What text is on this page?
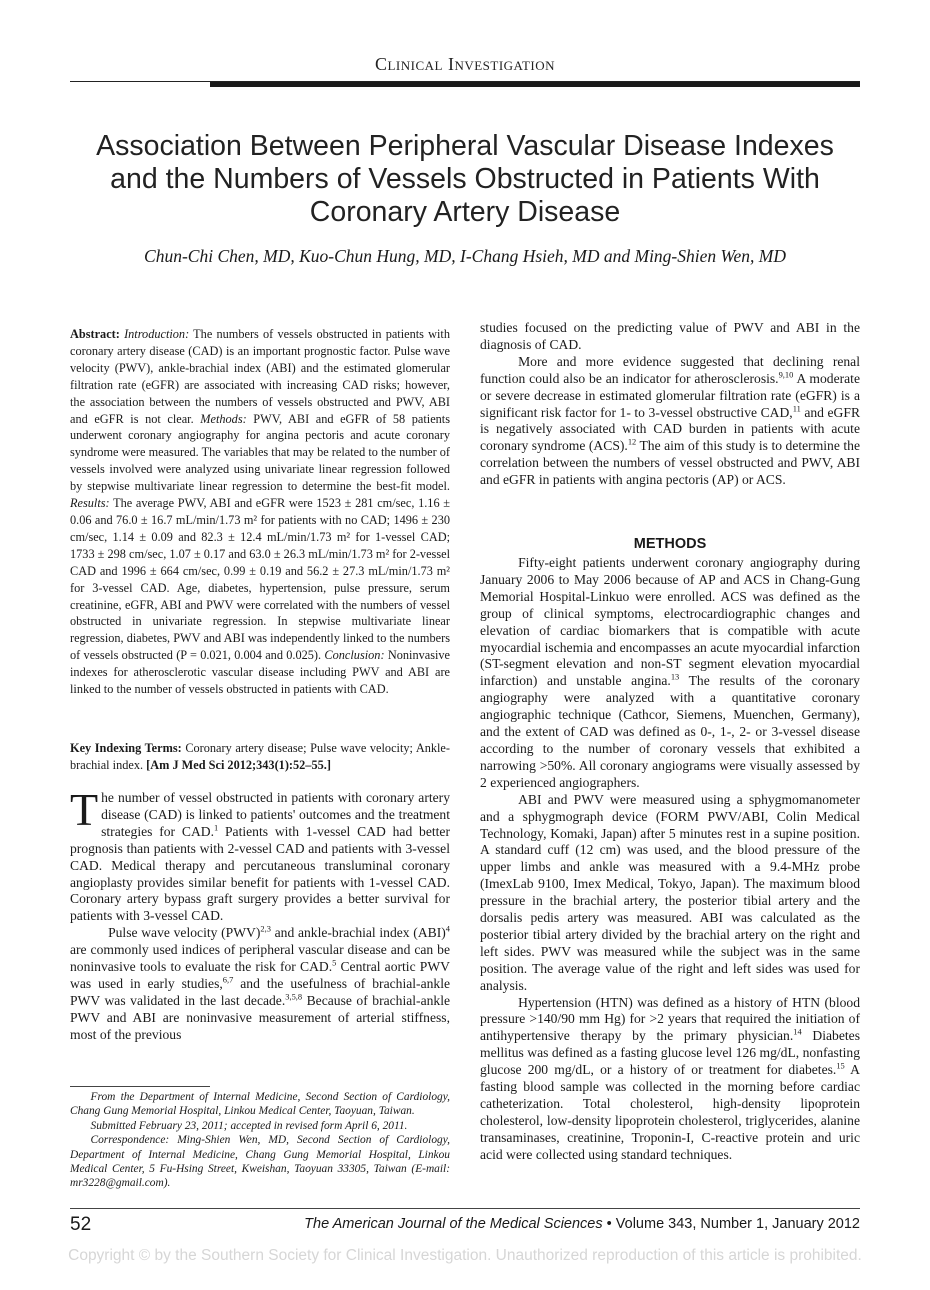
Clinical Investigation
Association Between Peripheral Vascular Disease Indexes and the Numbers of Vessels Obstructed in Patients With Coronary Artery Disease
Chun-Chi Chen, MD, Kuo-Chun Hung, MD, I-Chang Hsieh, MD and Ming-Shien Wen, MD
Abstract: Introduction: The numbers of vessels obstructed in patients with coronary artery disease (CAD) is an important prognostic factor. Pulse wave velocity (PWV), ankle-brachial index (ABI) and the estimated glomerular filtration rate (eGFR) are associated with increasing CAD risks; however, the association between the numbers of vessels obstructed and PWV, ABI and eGFR is not clear. Methods: PWV, ABI and eGFR of 58 patients underwent coronary angiography for angina pectoris and acute coronary syndrome were measured. The variables that may be related to the number of vessels involved were analyzed using univariate linear regression followed by stepwise multivariate linear regression to determine the best-fit model. Results: The average PWV, ABI and eGFR were 1523 ± 281 cm/sec, 1.16 ± 0.06 and 76.0 ± 16.7 mL/min/1.73 m² for patients with no CAD; 1496 ± 230 cm/sec, 1.14 ± 0.09 and 82.3 ± 12.4 mL/min/1.73 m² for 1-vessel CAD; 1733 ± 298 cm/sec, 1.07 ± 0.17 and 63.0 ± 26.3 mL/min/1.73 m² for 2-vessel CAD and 1996 ± 664 cm/sec, 0.99 ± 0.19 and 56.2 ± 27.3 mL/min/1.73 m² for 3-vessel CAD. Age, diabetes, hypertension, pulse pressure, serum creatinine, eGFR, ABI and PWV were correlated with the numbers of vessel obstructed in univariate regression. In stepwise multivariate linear regression, diabetes, PWV and ABI was independently linked to the numbers of vessels obstructed (P = 0.021, 0.004 and 0.025). Conclusion: Noninvasive indexes for atherosclerotic vascular disease including PWV and ABI are linked to the number of vessels obstructed in patients with CAD.
Key Indexing Terms: Coronary artery disease; Pulse wave velocity; Ankle-brachial index. [Am J Med Sci 2012;343(1):52–55.]

The number of vessel obstructed in patients with coronary artery disease (CAD) is linked to patients' outcomes and the treatment strategies for CAD.$^1$ Patients with 1-vessel CAD had better prognosis than patients with 2-vessel CAD and patients with 3-vessel CAD. Medical therapy and percutaneous transluminal coronary angioplasty provides similar benefit for patients with 1-vessel CAD. Coronary artery bypass graft surgery provides a better survival for patients with 3-vessel CAD.

Pulse wave velocity (PWV)$^{2,3}$ and ankle-brachial index (ABI)$^4$ are commonly used indices of peripheral vascular disease and can be noninvasive tools to evaluate the risk for CAD.$^5$ Central aortic PWV was used in early studies,$^{6,7}$ and the usefulness of brachial-ankle PWV was validated in the last decade.$^{3,5,8}$ Because of brachial-ankle PWV and ABI are noninvasive measurement of arterial stiffness, most of the previous

studies focused on the predicting value of PWV and ABI in the diagnosis of CAD.

More and more evidence suggested that declining renal function could also be an indicator for atherosclerosis.$^{9,10}$ A moderate or severe decrease in estimated glomerular filtration rate (eGFR) is a significant risk factor for 1- to 3-vessel obstructive CAD,$^{11}$ and eGFR is negatively associated with CAD burden in patients with acute coronary syndrome (ACS).$^{12}$ The aim of this study is to determine the correlation between the numbers of vessel obstructed and PWV, ABI and eGFR in patients with angina pectoris (AP) or ACS.

METHODS

Fifty-eight patients underwent coronary angiography during January 2006 to May 2006 because of AP and ACS in Chang-Gung Memorial Hospital-Linkuo were enrolled. ACS was defined as the group of clinical symptoms, electrocardiographic changes and elevation of cardiac biomarkers that is compatible with acute myocardial ischemia and encompasses an acute myocardial infarction (ST-segment elevation and non-ST segment elevation myocardial infarction) and unstable angina.$^{13}$ The results of the coronary angiography were analyzed with a quantitative coronary angiographic technique (Cathcor, Siemens, Muenchen, Germany), and the extent of CAD was defined as 0-, 1-, 2- or 3-vessel disease according to the number of coronary vessels that exhibited a narrowing >50%. All coronary angiograms were visually assessed by 2 experienced angiographers.

ABI and PWV were measured using a sphygmomanometer and a sphygmograph device (FORM PWV/ABI, Colin Medical Technology, Komaki, Japan) after 5 minutes rest in a supine position. A standard cuff (12 cm) was used, and the blood pressure of the upper limbs and ankle was measured with a 9.4-MHz probe (ImexLab 9100, Imex Medical, Tokyo, Japan). The maximum blood pressure in the brachial artery, the posterior tibial artery and the dorsalis pedis artery was measured. ABI was calculated as the posterior tibial artery divided by the brachial artery on the right and left sides. PWV was measured while the subject was in the same position. The average value of the right and left sides was used for analysis.

Hypertension (HTN) was defined as a history of HTN (blood pressure >140/90 mm Hg) for >2 years that required the initiation of antihypertensive therapy by the primary physician.$^{14}$ Diabetes mellitus was defined as a fasting glucose level 126 mg/dL, nonfasting glucose 200 mg/dL, or a history of or treatment for diabetes.$^{15}$ A fasting blood sample was collected in the morning before cardiac catheterization. Total cholesterol, high-density lipoprotein cholesterol, low-density lipoprotein cholesterol, triglycerides, alanine transaminases, creatinine, Troponin-I, C-reactive protein and uric acid were collected using standard techniques.

From the Department of Internal Medicine, Second Section of Cardiology, Chang Gung Memorial Hospital, Linkou Medical Center, Taoyuan, Taiwan.

Submitted February 23, 2011; accepted in revised form April 6, 2011.

Correspondence: Ming-Shien Wen, MD, Second Section of Cardiology, Department of Internal Medicine, Chang Gung Memorial Hospital, Linkou Medical Center, 5 Fu-Hsing Street, Kweishan, Taoyuan 33305, Taiwan (E-mail: mr3228@gmail.com).

52	The American Journal of the Medical Sciences • Volume 343, Number 1, January 2012
Copyright © by the Southern Society for Clinical Investigation. Unauthorized reproduction of this article is prohibited.
